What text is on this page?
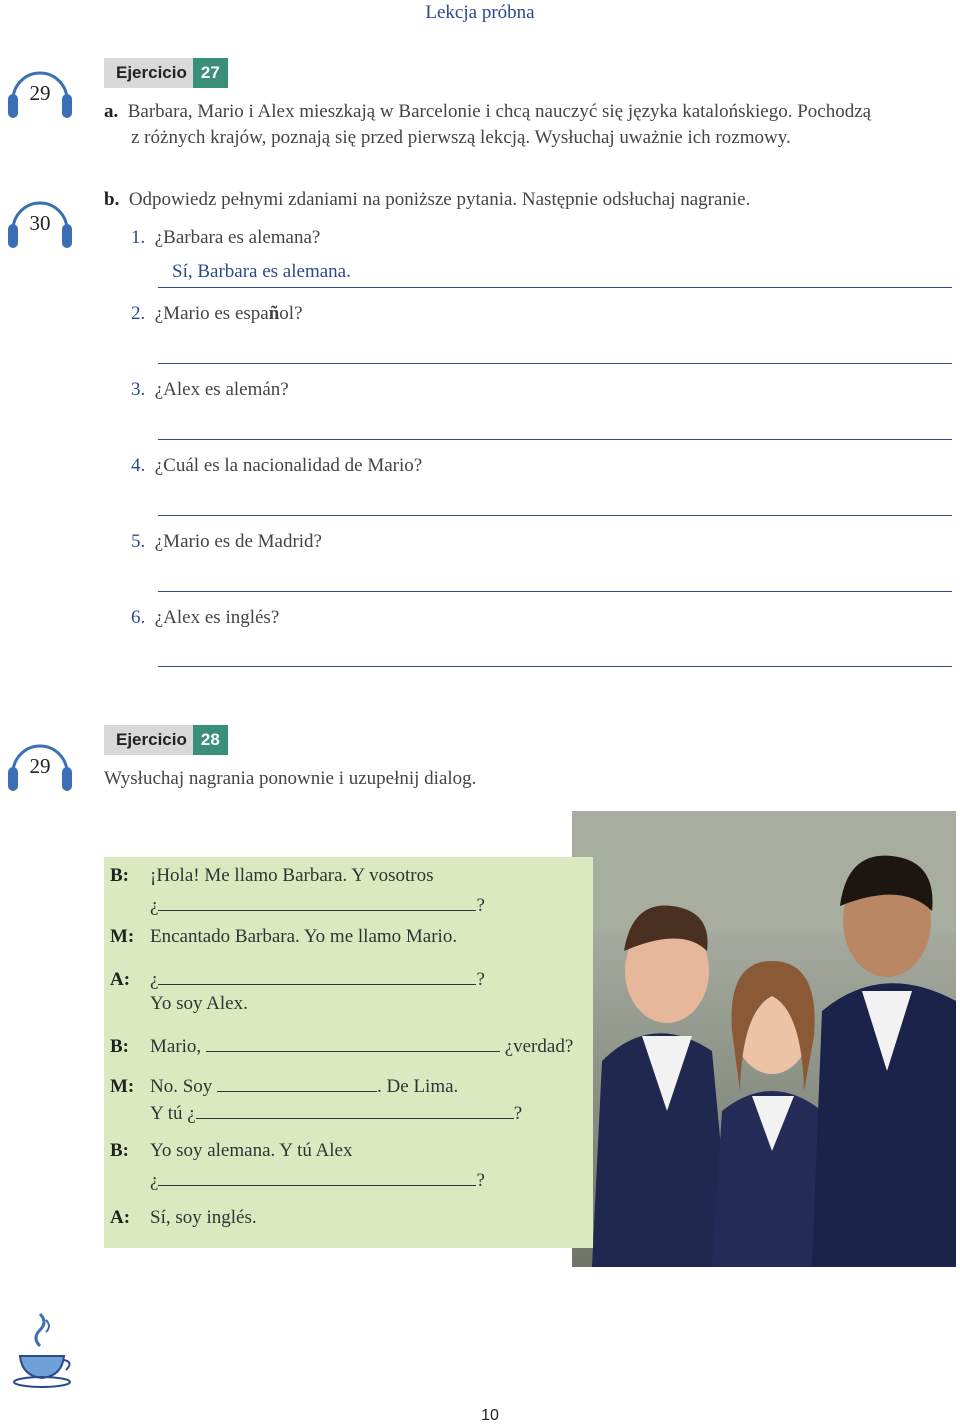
Lekcja próbna
29
30
29
Ejercicio 27
a. Barbara, Mario i Alex mieszkają w Barcelonie i chcą nauczyć się języka katalońskiego. Pochodzą
z różnych krajów, poznają się przed pierwszą lekcją. Wysłuchaj uważnie ich rozmowy.
b. Odpowiedz pełnymi zdaniami na poniższe pytania. Następnie odsłuchaj nagranie.
1. ¿Barbara es alemana?
Sí, Barbara es alemana.
2. ¿Mario es español?
3. ¿Alex es alemán?
4. ¿Cuál es la nacionalidad de Mario?
5. ¿Mario es de Madrid?
6. ¿Alex es inglés?
Ejercicio 28
Wysłuchaj nagrania ponownie i uzupełnij dialog.
B: ¡Hola! Me llamo Barbara. Y vosotros
¿	?
M: Encantado Barbara. Yo me llamo Mario.
A: ¿	?
Yo soy Alex.
B: Mario,	¿verdad?
M: No. Soy	. De Lima.
Y tú ¿	?
B: Yo soy alemana. Y tú Alex
¿	?
A: Sí, soy inglés.
10
